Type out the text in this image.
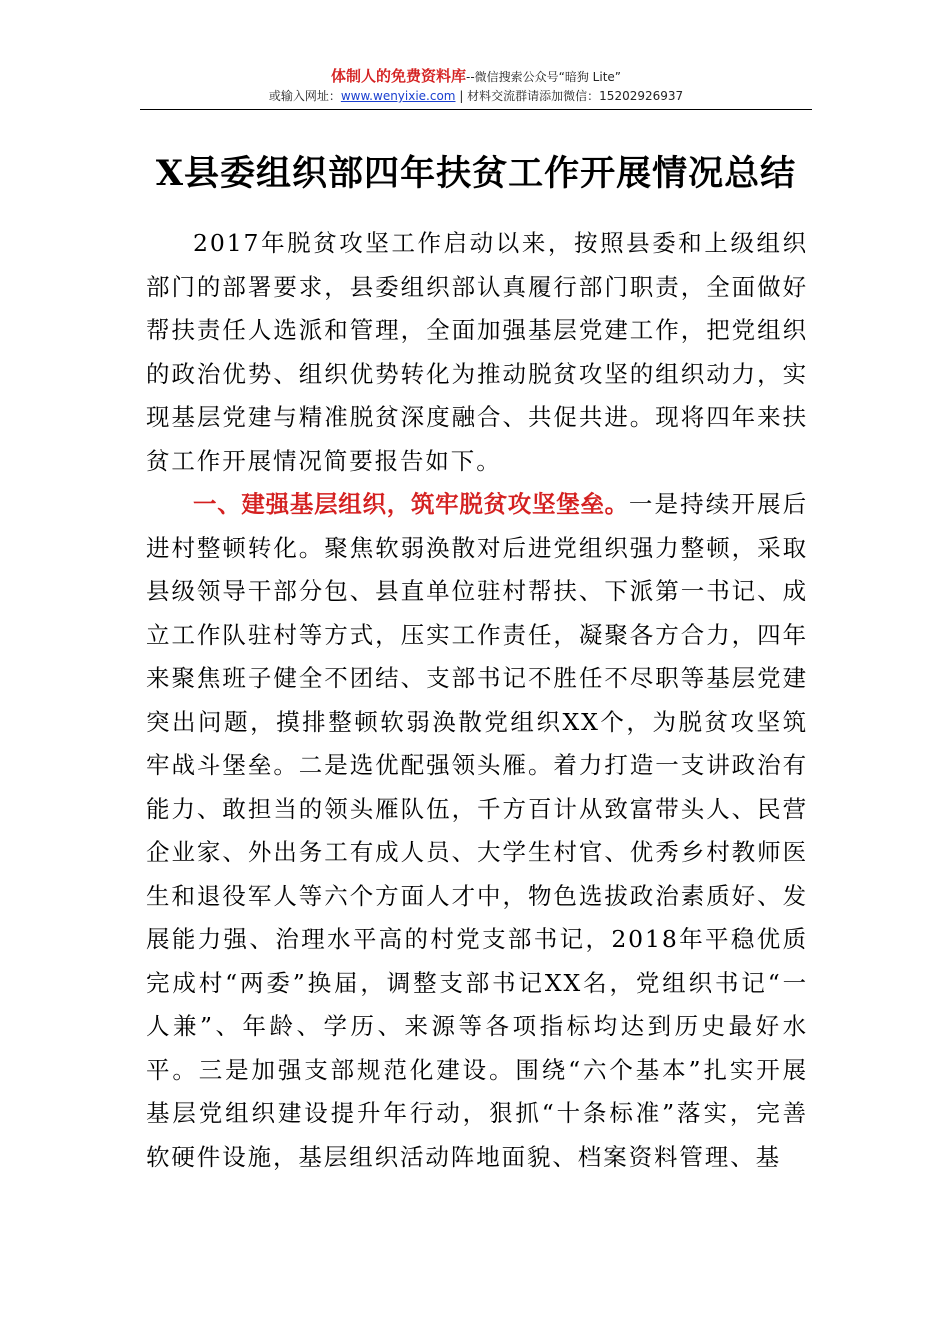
体制人的免费资料库--微信搜索公众号“暗狗 Lite”
或输入网址：www.wenyixie.com | 材料交流群请添加微信：15202926937
X县委组织部四年扶贫工作开展情况总结

2017年脱贫攻坚工作启动以来，按照县委和上级组织部门的部署要求，县委组织部认真履行部门职责，全面做好帮扶责任人选派和管理，全面加强基层党建工作，把党组织的政治优势、组织优势转化为推动脱贫攻坚的组织动力，实现基层党建与精准脱贫深度融合、共促共进。现将四年来扶贫工作开展情况简要报告如下。

一、建强基层组织，筑牢脱贫攻坚堡垒。一是持续开展后进村整顿转化。聚焦软弱涣散对后进党组织强力整顿，采取县级领导干部分包、县直单位驻村帮扶、下派第一书记、成立工作队驻村等方式，压实工作责任，凝聚各方合力，四年来聚焦班子健全不团结、支部书记不胜任不尽职等基层党建突出问题，摸排整顿软弱涣散党组织XX个，为脱贫攻坚筑牢战斗堡垒。二是选优配强领头雁。着力打造一支讲政治有能力、敢担当的领头雁队伍，千方百计从致富带头人、民营企业家、外出务工有成人员、大学生村官、优秀乡村教师医生和退役军人等六个方面人才中，物色选拔政治素质好、发展能力强、治理水平高的村党支部书记，2018年平稳优质完成村“两委”换届，调整支部书记XX名，党组织书记“一人兼”、年龄、学历、来源等各项指标均达到历史最好水平。三是加强支部规范化建设。围绕“六个基本”扎实开展基层党组织建设提升年行动，狠抓“十条标准”落实，完善软硬件设施，基层组织活动阵地面貌、档案资料管理、基
